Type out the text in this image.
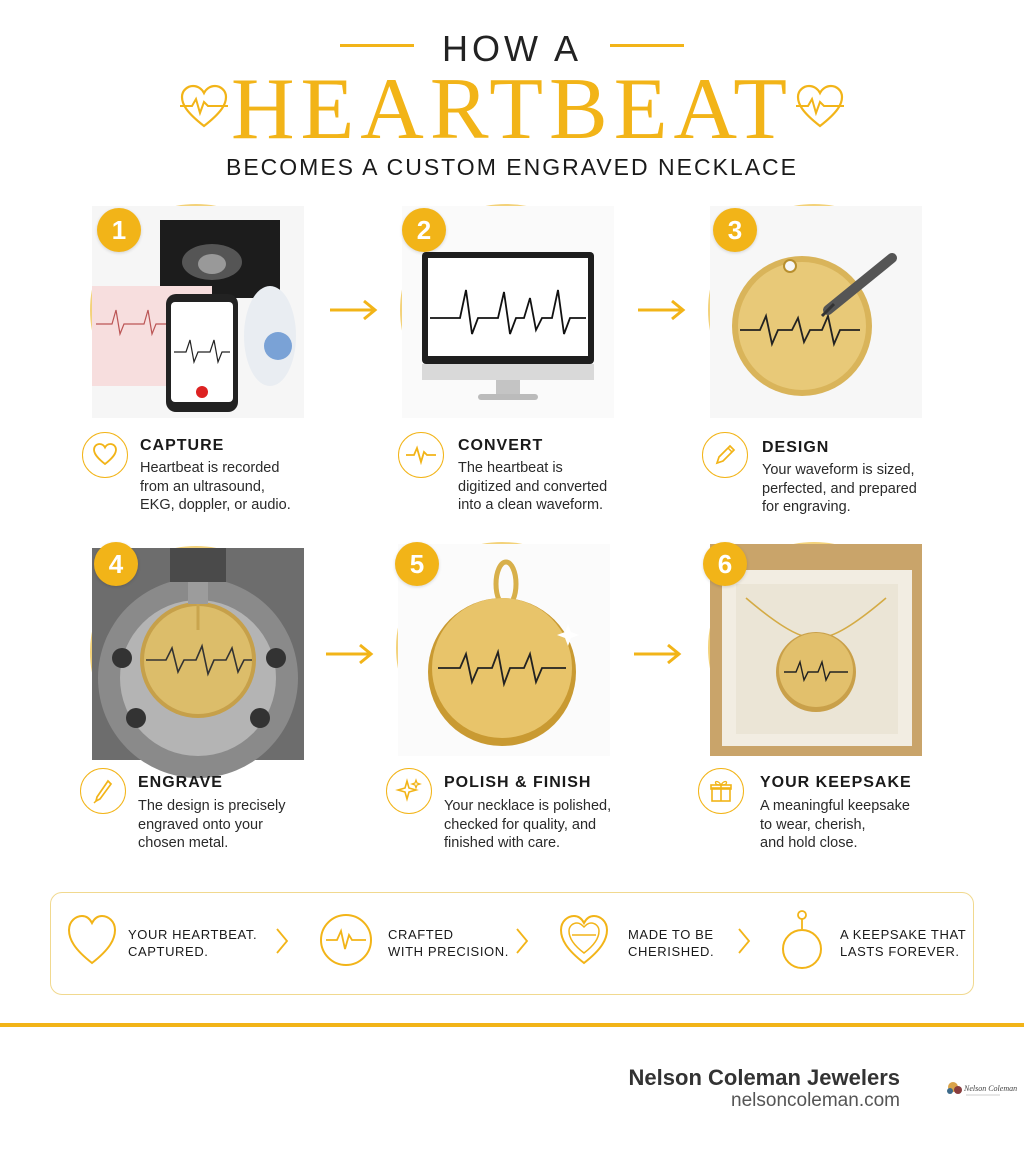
HOW A
HEARTBEAT
BECOMES A CUSTOM ENGRAVED NECKLACE
1	2	3
CAPTURE
Heartbeat is recorded
from an ultrasound,
EKG, doppler, or audio.
CONVERT
The heartbeat is
digitized and converted
into a clean waveform.
DESIGN
Your waveform is sized,
perfected, and prepared
for engraving.
4	5	6
ENGRAVE
The design is precisely
engraved onto your
chosen metal.
POLISH & FINISH
Your necklace is polished,
checked for quality, and
finished with care.
YOUR KEEPSAKE
A meaningful keepsake
to wear, cherish,
and hold close.
YOUR HEARTBEAT.
CAPTURED.
CRAFTED
WITH PRECISION.
MADE TO BE
CHERISHED.
A KEEPSAKE THAT
LASTS FOREVER.
Nelson Coleman Jewelers
nelsoncoleman.com
Nelson Coleman
